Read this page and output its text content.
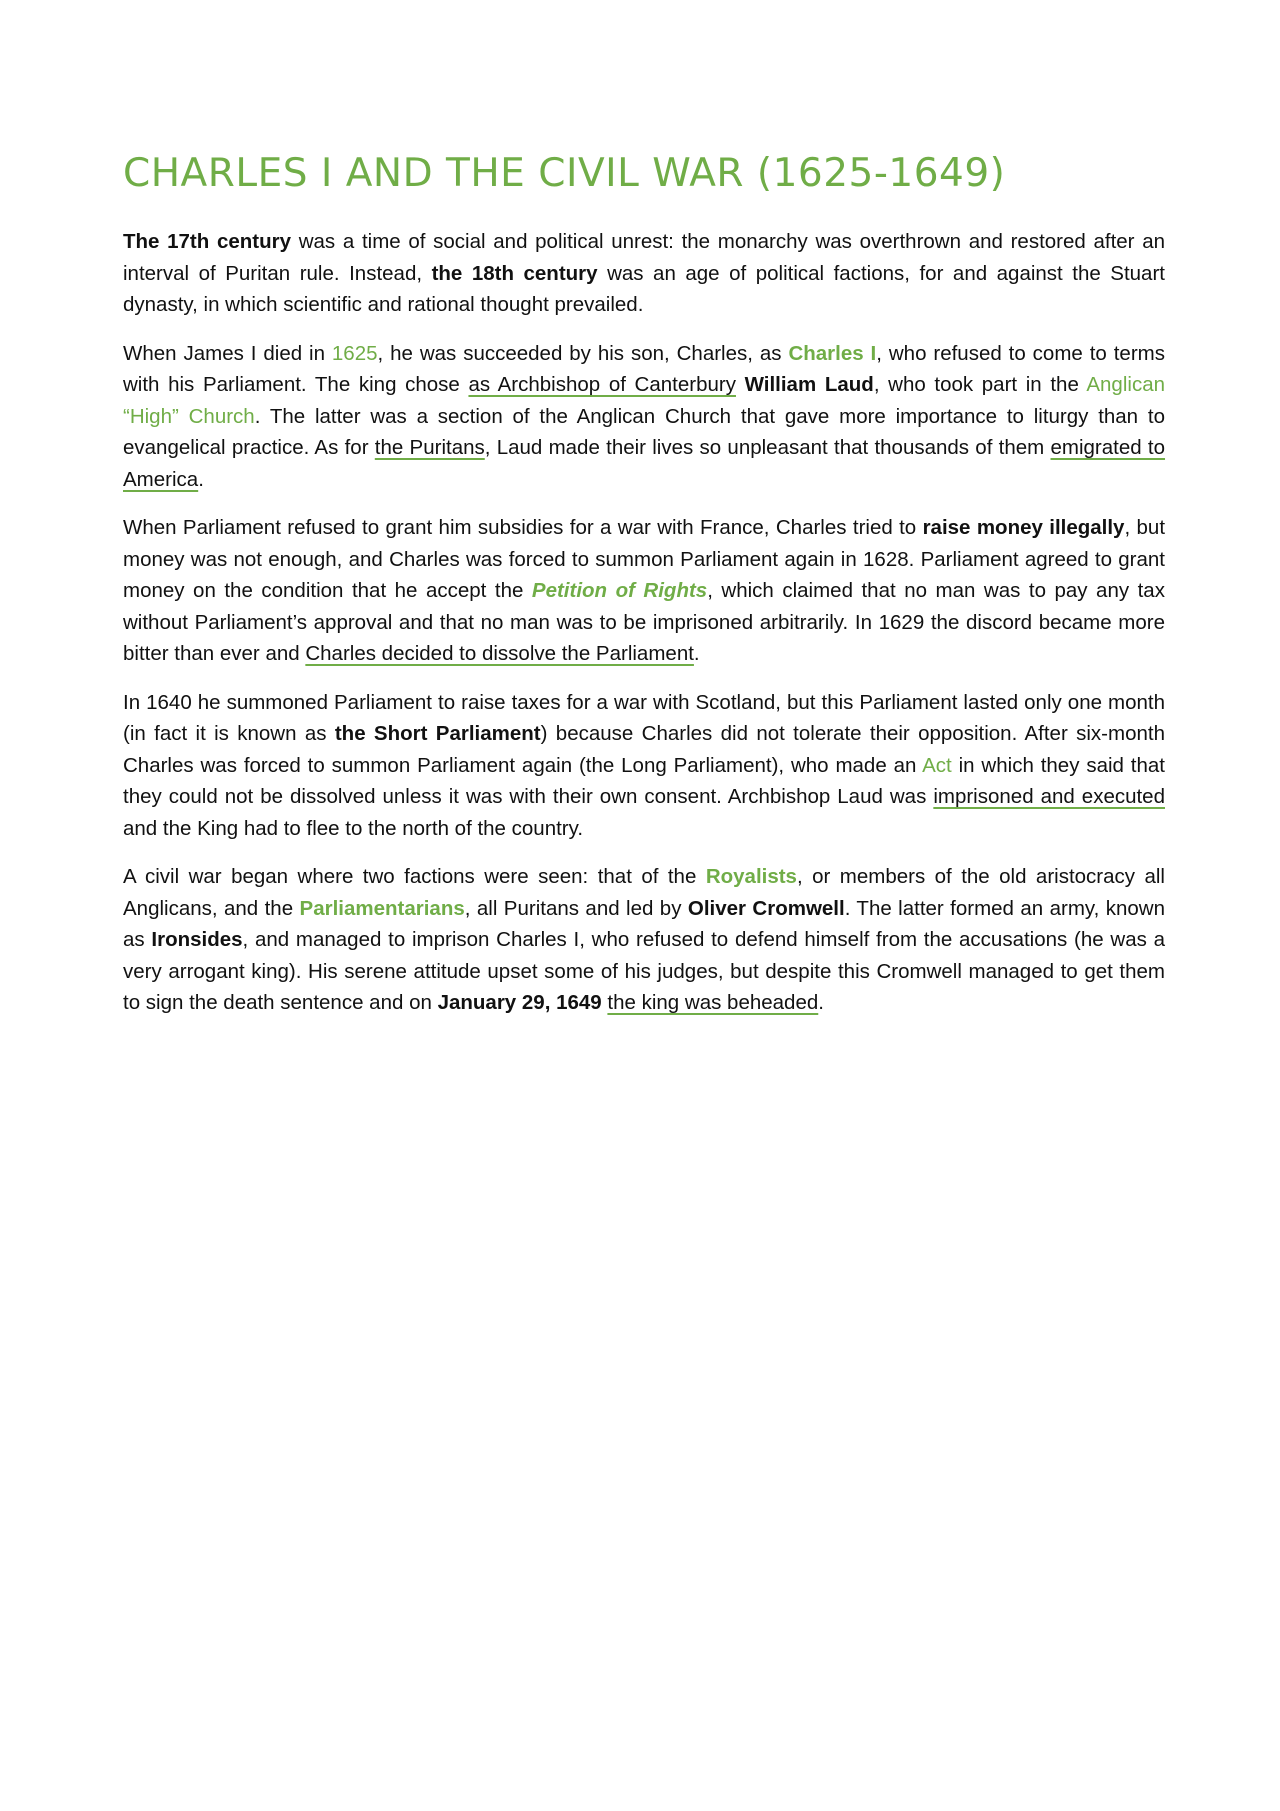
CHARLES I AND THE CIVIL WAR (1625-1649)

The 17th century was a time of social and political unrest: the monarchy was overthrown and restored after an interval of Puritan rule. Instead, the 18th century was an age of political factions, for and against the Stuart dynasty, in which scientific and rational thought prevailed.

When James I died in 1625, he was succeeded by his son, Charles, as Charles I, who refused to come to terms with his Parliament. The king chose as Archbishop of Canterbury William Laud, who took part in the Anglican “High” Church. The latter was a section of the Anglican Church that gave more importance to liturgy than to evangelical practice. As for the Puritans, Laud made their lives so unpleasant that thousands of them emigrated to America.

When Parliament refused to grant him subsidies for a war with France, Charles tried to raise money illegally, but money was not enough, and Charles was forced to summon Parliament again in 1628. Parliament agreed to grant money on the condition that he accept the Petition of Rights, which claimed that no man was to pay any tax without Parliament’s approval and that no man was to be imprisoned arbitrarily. In 1629 the discord became more bitter than ever and Charles decided to dissolve the Parliament.

In 1640 he summoned Parliament to raise taxes for a war with Scotland, but this Parliament lasted only one month (in fact it is known as the Short Parliament) because Charles did not tolerate their opposition. After six-month Charles was forced to summon Parliament again (the Long Parliament), who made an Act in which they said that they could not be dissolved unless it was with their own consent. Archbishop Laud was imprisoned and executed and the King had to flee to the north of the country.

A civil war began where two factions were seen: that of the Royalists, or members of the old aristocracy all Anglicans, and the Parliamentarians, all Puritans and led by Oliver Cromwell. The latter formed an army, known as Ironsides, and managed to imprison Charles I, who refused to defend himself from the accusations (he was a very arrogant king). His serene attitude upset some of his judges, but despite this Cromwell managed to get them to sign the death sentence and on January 29, 1649 the king was beheaded.
